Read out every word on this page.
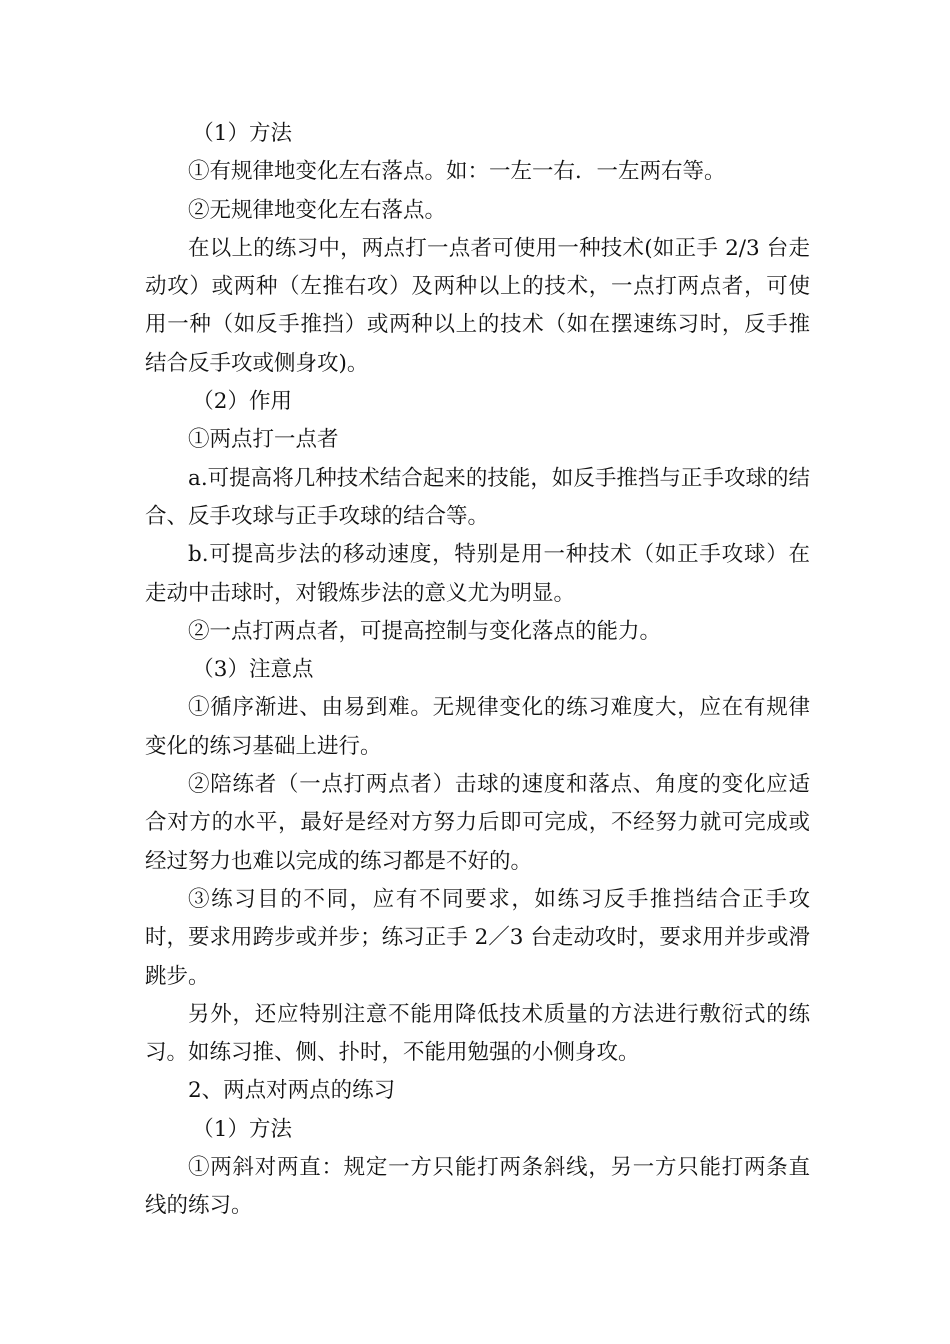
（1）方法

①有规律地变化左右落点。如：一左一右．一左两右等。

②无规律地变化左右落点。

在以上的练习中，两点打一点者可使用一种技术(如正手 2/3 台走动攻）或两种（左推右攻）及两种以上的技术，一点打两点者，可使用一种（如反手推挡）或两种以上的技术（如在摆速练习时，反手推结合反手攻或侧身攻)。

（2）作用

①两点打一点者

a.可提高将几种技术结合起来的技能，如反手推挡与正手攻球的结合、反手攻球与正手攻球的结合等。

b.可提高步法的移动速度，特别是用一种技术（如正手攻球）在走动中击球时，对锻炼步法的意义尤为明显。

②一点打两点者，可提高控制与变化落点的能力。

（3）注意点

①循序渐进、由易到难。无规律变化的练习难度大，应在有规律变化的练习基础上进行。

②陪练者（一点打两点者）击球的速度和落点、角度的变化应适合对方的水平，最好是经对方努力后即可完成，不经努力就可完成或经过努力也难以完成的练习都是不好的。

③练习目的不同，应有不同要求，如练习反手推挡结合正手攻时，要求用跨步或并步；练习正手 2／3 台走动攻时，要求用并步或滑跳步。

另外，还应特别注意不能用降低技术质量的方法进行敷衍式的练习。如练习推、侧、扑时，不能用勉强的小侧身攻。

2、两点对两点的练习

（1）方法

①两斜对两直：规定一方只能打两条斜线，另一方只能打两条直线的练习。
